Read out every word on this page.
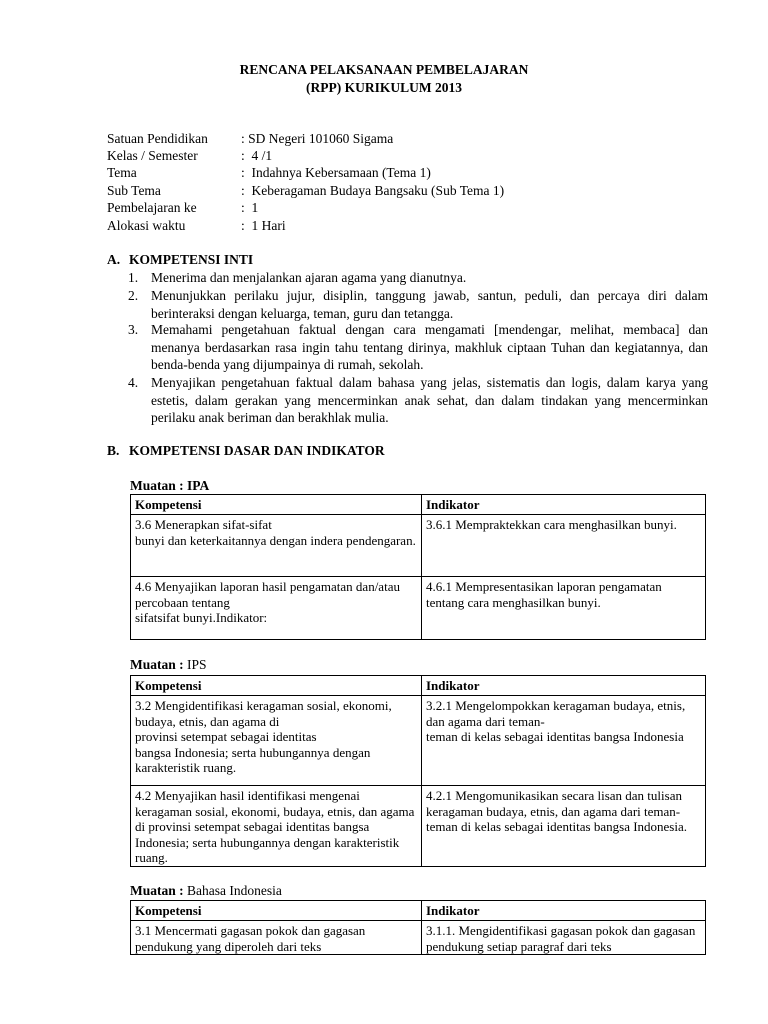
RENCANA PELAKSANAAN PEMBELAJARAN
(RPP) KURIKULUM 2013
Satuan Pendidikan : SD Negeri 101060 Sigama
Kelas / Semester	:  4 /1
Tema	:  Indahnya Kebersamaan (Tema 1)
Sub Tema	:  Keberagaman Budaya Bangsaku (Sub Tema 1)
Pembelajaran ke	:  1
Alokasi waktu	:  1 Hari
A. KOMPETENSI INTI
1. Menerima dan menjalankan ajaran agama yang dianutnya.
2. Menunjukkan perilaku jujur, disiplin, tanggung jawab, santun, peduli, dan percaya diri dalam berinteraksi dengan keluarga, teman, guru dan tetangga.
3. Memahami pengetahuan faktual dengan cara mengamati [mendengar, melihat, membaca] dan menanya berdasarkan rasa ingin tahu tentang dirinya, makhluk ciptaan Tuhan dan kegiatannya, dan benda-benda yang dijumpainya di rumah, sekolah.
4. Menyajikan pengetahuan faktual dalam bahasa yang jelas, sistematis dan logis, dalam karya yang estetis, dalam gerakan yang mencerminkan anak sehat, dan dalam tindakan yang mencerminkan perilaku anak beriman dan berakhlak mulia.
B. KOMPETENSI DASAR DAN INDIKATOR
Muatan : IPA
Kompetensi	Indikator
3.6 Menerapkan sifat-sifat
bunyi dan keterkaitannya dengan indera pendengaran.	3.6.1 Mempraktekkan cara menghasilkan bunyi.
4.6 Menyajikan laporan hasil pengamatan dan/atau percobaan tentang
sifatsifat bunyi.Indikator:	4.6.1 Mempresentasikan laporan pengamatan tentang cara menghasilkan bunyi.
Muatan : IPS
Kompetensi	Indikator
3.2 Mengidentifikasi keragaman sosial, ekonomi, budaya, etnis, dan agama di
provinsi setempat sebagai identitas
bangsa Indonesia; serta hubungannya dengan karakteristik ruang.	3.2.1 Mengelompokkan keragaman budaya, etnis, dan agama dari teman-
teman di kelas sebagai identitas bangsa Indonesia
4.2 Menyajikan hasil identifikasi mengenai keragaman sosial, ekonomi, budaya, etnis, dan agama di provinsi setempat sebagai identitas bangsa Indonesia; serta hubungannya dengan karakteristik ruang.	4.2.1 Mengomunikasikan secara lisan dan tulisan keragaman budaya, etnis, dan agama dari teman-teman di kelas sebagai identitas bangsa Indonesia.
Muatan : Bahasa Indonesia
Kompetensi	Indikator
3.1 Mencermati gagasan pokok dan gagasan pendukung yang diperoleh dari teks	3.1.1. Mengidentifikasi gagasan pokok dan gagasan pendukung setiap paragraf dari teks
